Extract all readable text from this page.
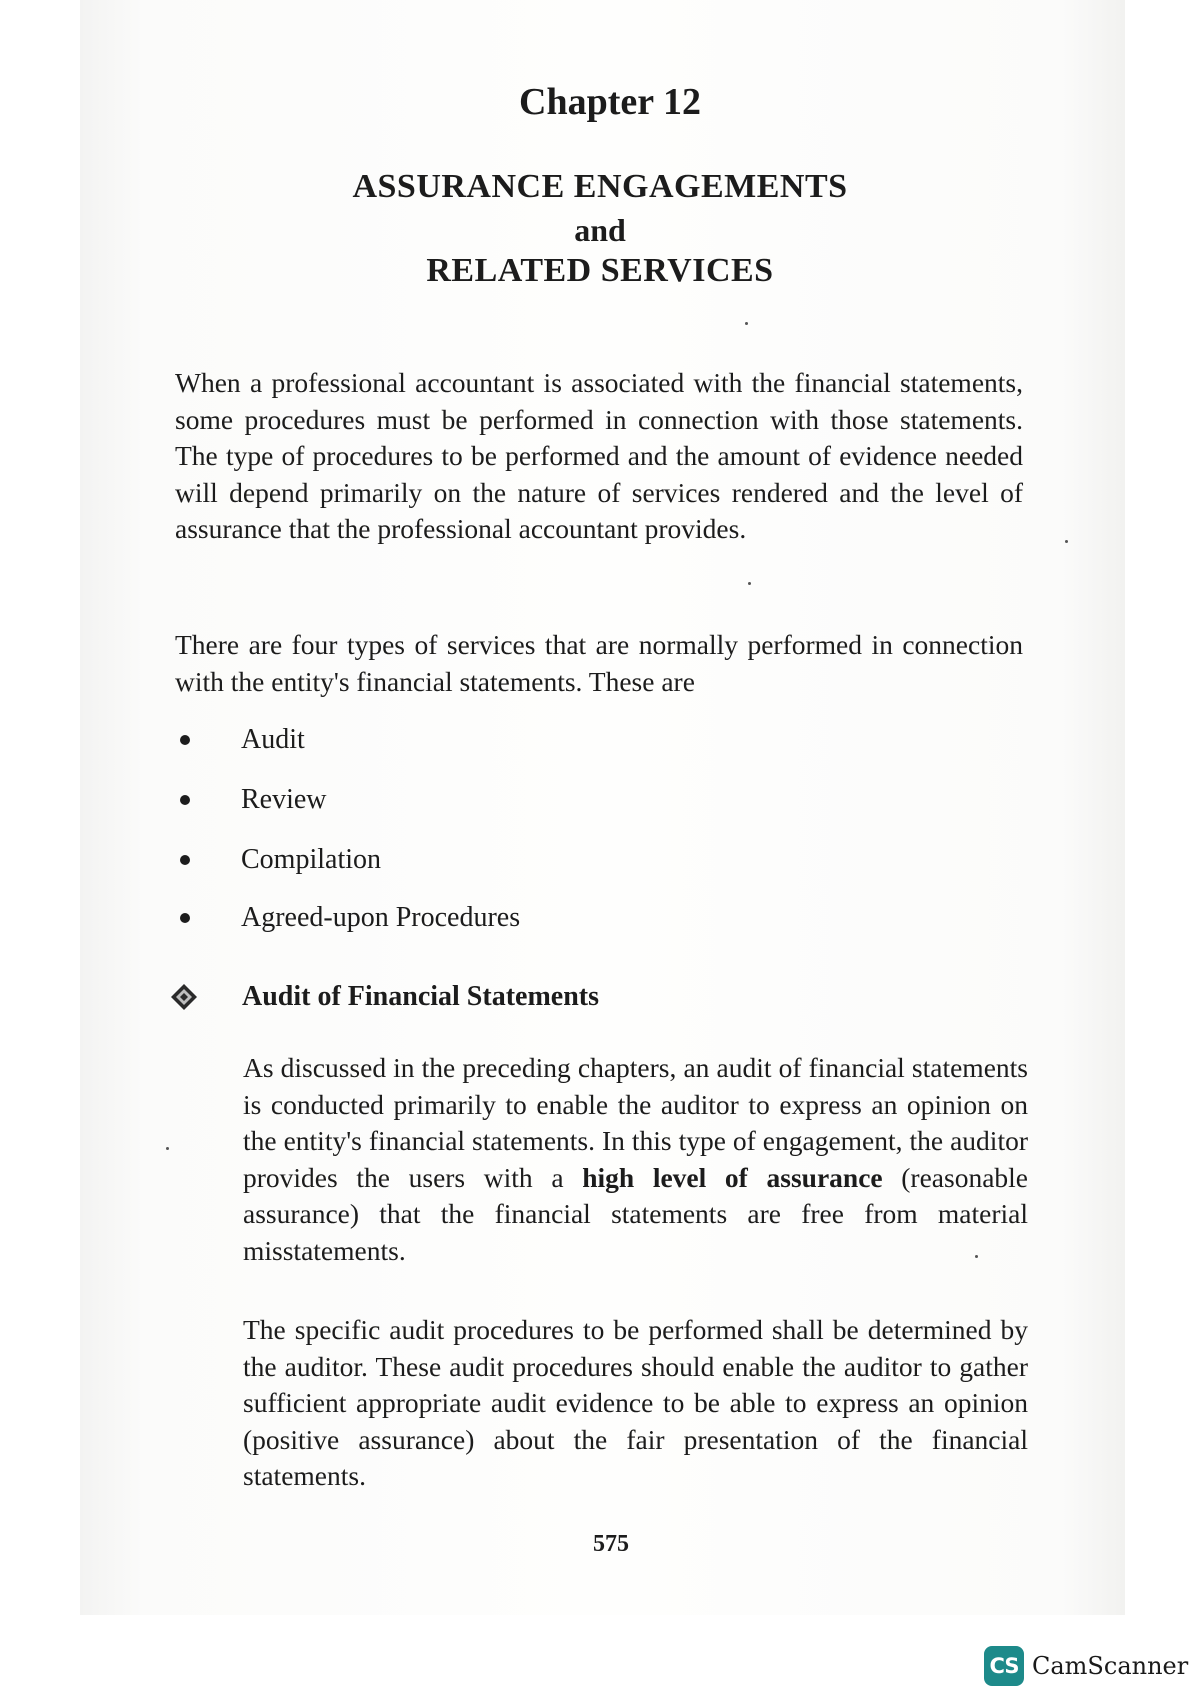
Chapter 12
ASSURANCE ENGAGEMENTS
and
RELATED SERVICES

When a professional accountant is associated with the financial statements, some procedures must be performed in connection with those statements. The type of procedures to be performed and the amount of evidence needed will depend primarily on the nature of services rendered and the level of assurance that the professional accountant provides.

There are four types of services that are normally performed in connection with the entity's financial statements. These are

Audit
Review
Compilation
Agreed-upon Procedures
Audit of Financial Statements

As discussed in the preceding chapters, an audit of financial statements is conducted primarily to enable the auditor to express an opinion on the entity's financial statements. In this type of engagement, the auditor provides the users with a high level of assurance (reasonable assurance) that the financial statements are free from material misstatements.

The specific audit procedures to be performed shall be determined by the auditor. These audit procedures should enable the auditor to gather sufficient appropriate audit evidence to be able to express an opinion (positive assurance) about the fair presentation of the financial statements.

575
CS CamScanner
